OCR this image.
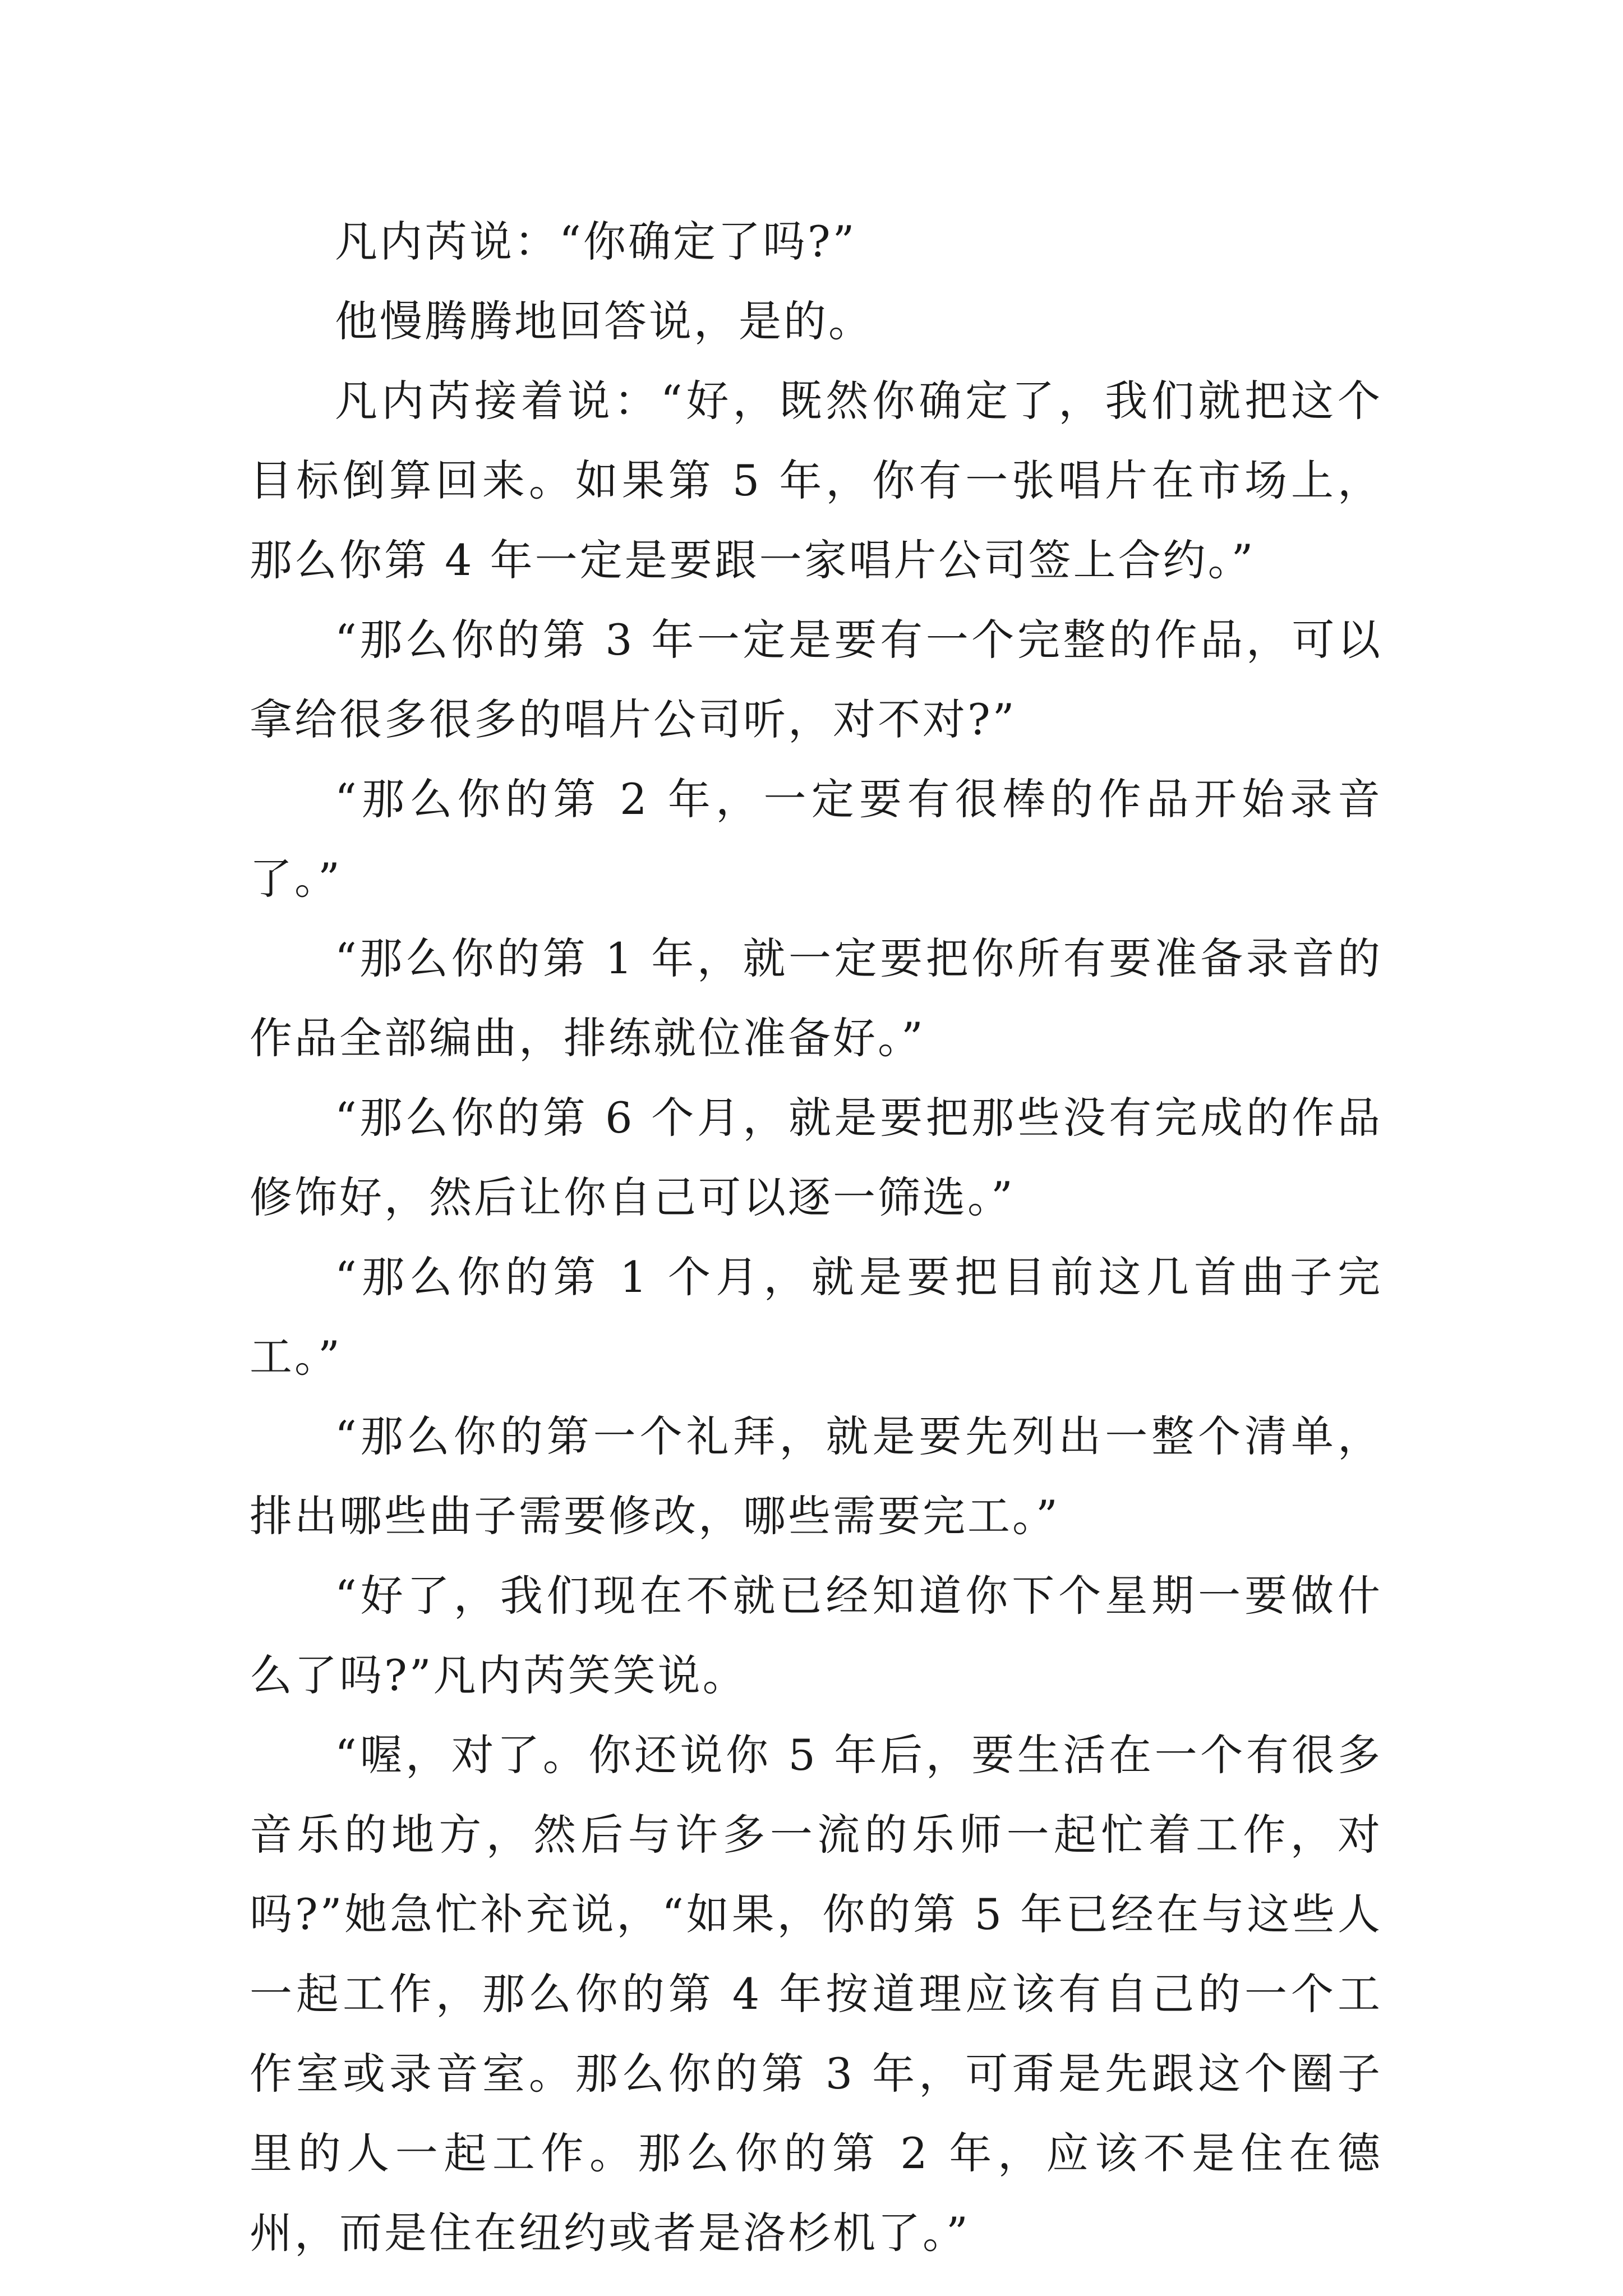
凡内芮说：“你确定了吗?”

他慢腾腾地回答说，是的。

凡内芮接着说：“好，既然你确定了，我们就把这个目标倒算回来。如果第 5 年，你有一张唱片在市场上，那么你第 4 年一定是要跟一家唱片公司签上合约。”

“那么你的第 3 年一定是要有一个完整的作品，可以拿给很多很多的唱片公司听，对不对?”

“那么你的第 2 年，一定要有很棒的作品开始录音了。”

“那么你的第 1 年，就一定要把你所有要准备录音的作品全部编曲，排练就位准备好。”

“那么你的第 6 个月，就是要把那些没有完成的作品修饰好，然后让你自己可以逐一筛选。”

“那么你的第 1 个月，就是要把目前这几首曲子完工。”

“那么你的第一个礼拜，就是要先列出一整个清单，排出哪些曲子需要修改，哪些需要完工。”

“好了，我们现在不就已经知道你下个星期一要做什么了吗?”凡内芮笑笑说。

“喔，对了。你还说你 5 年后，要生活在一个有很多音乐的地方，然后与许多一流的乐师一起忙着工作，对吗?”她急忙补充说，“如果，你的第 5 年已经在与这些人一起工作，那么你的第 4 年按道理应该有自己的一个工作室或录音室。那么你的第 3 年，可甭是先跟这个圈子里的人一起工作。那么你的第 2 年，应该不是住在德州，而是住在纽约或者是洛杉机了。”
